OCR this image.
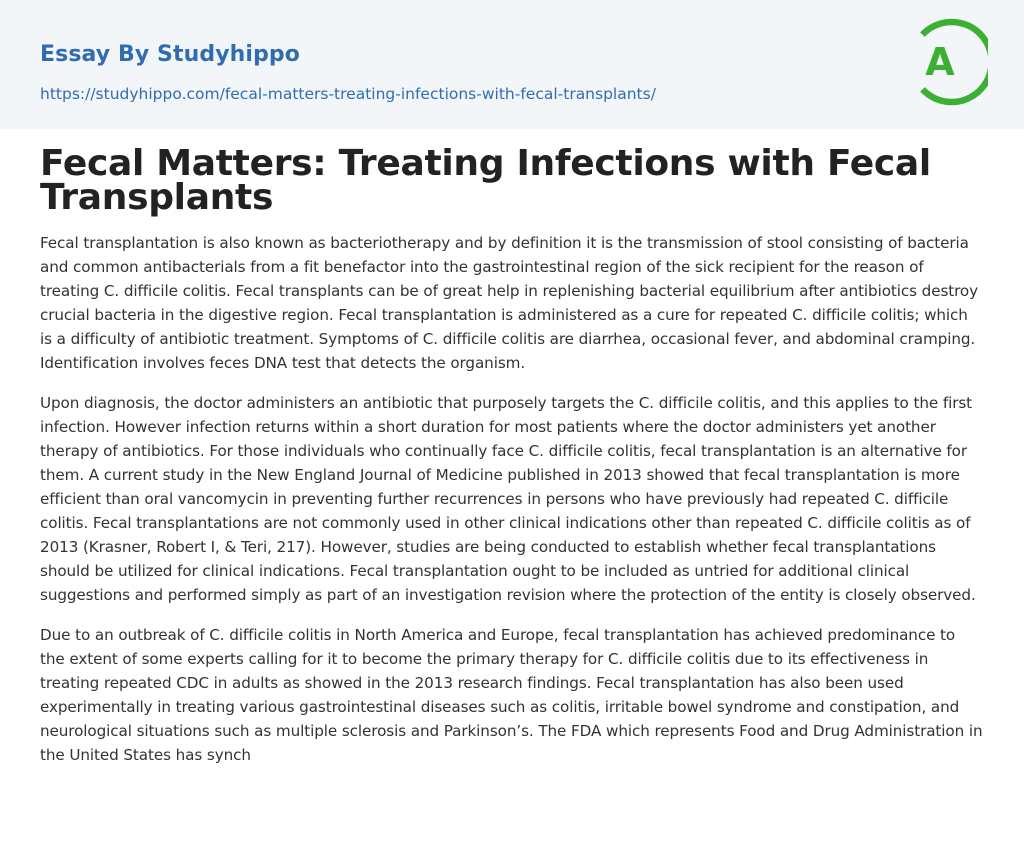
Essay By Studyhippo
https://studyhippo.com/fecal-matters-treating-infections-with-fecal-transplants/
A
Fecal Matters: Treating Infections with Fecal Transplants

Fecal transplantation is also known as bacteriotherapy and by definition it is the transmission of stool consisting of bacteria and common antibacterials from a fit benefactor into the gastrointestinal region of the sick recipient for the reason of treating C. difficile colitis. Fecal transplants can be of great help in replenishing bacterial equilibrium after antibiotics destroy crucial bacteria in the digestive region. Fecal transplantation is administered as a cure for repeated C. difficile colitis; which is a difficulty of antibiotic treatment. Symptoms of C. difficile colitis are diarrhea, occasional fever, and abdominal cramping. Identification involves feces DNA test that detects the organism.

Upon diagnosis, the doctor administers an antibiotic that purposely targets the C. difficile colitis, and this applies to the first infection. However infection returns within a short duration for most patients where the doctor administers yet another therapy of antibiotics. For those individuals who continually face C. difficile colitis, fecal transplantation is an alternative for them. A current study in the New England Journal of Medicine published in 2013 showed that fecal transplantation is more efficient than oral vancomycin in preventing further recurrences in persons who have previously had repeated C. difficile colitis. Fecal transplantations are not commonly used in other clinical indications other than repeated C. difficile colitis as of 2013 (Krasner, Robert I, & Teri, 217). However, studies are being conducted to establish whether fecal transplantations should be utilized for clinical indications. Fecal transplantation ought to be included as untried for additional clinical suggestions and performed simply as part of an investigation revision where the protection of the entity is closely observed.

Due to an outbreak of C. difficile colitis in North America and Europe, fecal transplantation has achieved predominance to the extent of some experts calling for it to become the primary therapy for C. difficile colitis due to its effectiveness in treating repeated CDC in adults as showed in the 2013 research findings. Fecal transplantation has also been used experimentally in treating various gastrointestinal diseases such as colitis, irritable bowel syndrome and constipation, and neurological situations such as multiple sclerosis and Parkinson’s. The FDA which represents Food and Drug Administration in the United States has synch
